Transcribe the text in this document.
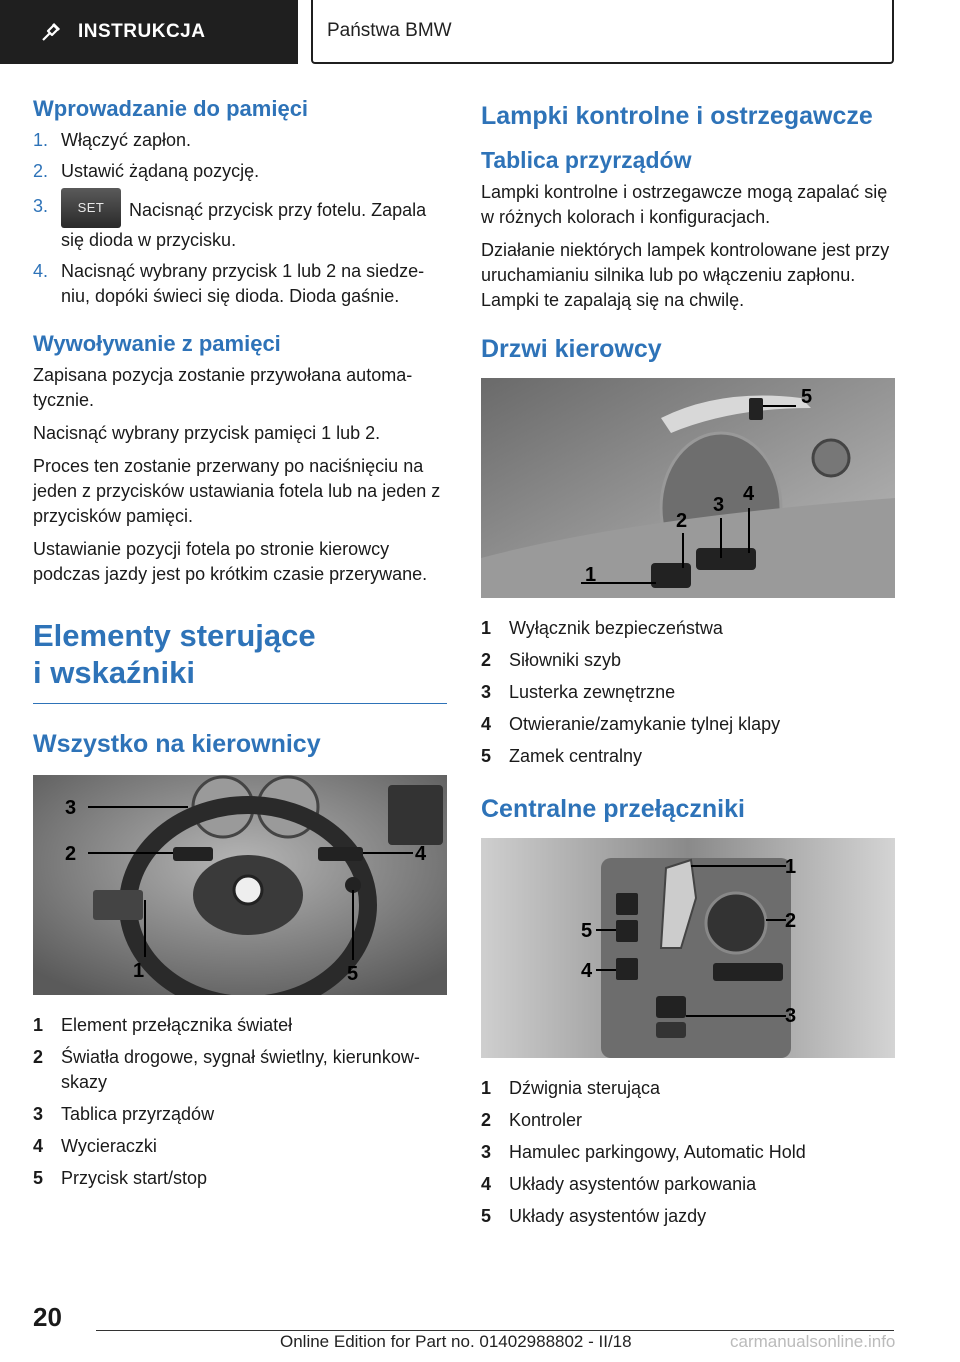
INSTRUKCJA	Państwa BMW
Wprowadzanie do pamięci
1. Włączyć zapłon.
2. Ustawić żądaną pozycję.
3. SET Nacisnąć przycisk przy fotelu. Zapala się dioda w przycisku.
4. Nacisnąć wybrany przycisk 1 lub 2 na siedzeniu, dopóki świeci się dioda. Dioda gaśnie.
Wywoływanie z pamięci

Zapisana pozycja zostanie przywołana automatycznie.

Nacisnąć wybrany przycisk pamięci 1 lub 2.

Proces ten zostanie przerwany po naciśnięciu na jeden z przycisków ustawiania fotela lub na jeden z przycisków pamięci.

Ustawianie pozycji fotela po stronie kierowcy podczas jazdy jest po krótkim czasie przerywane.

Elementy sterujące
i wskaźniki
Wszystko na kierownicy
3
2	4
1	5
1 Element przełącznika świateł
2 Światła drogowe, sygnał świetlny, kierunkowskazy
3 Tablica przyrządów
4 Wycieraczki
5 Przycisk start/stop
Lampki kontrolne i ostrzegawcze
Tablica przyrządów

Lampki kontrolne i ostrzegawcze mogą zapalać się w różnych kolorach i konfiguracjach.

Działanie niektórych lampek kontrolowane jest przy uruchamianiu silnika lub po włączeniu zapłonu. Lampki te zapalają się na chwilę.

Drzwi kierowcy
1
2
3 4
5
1 Wyłącznik bezpieczeństwa
2 Siłowniki szyb
3 Lusterka zewnętrzne
4 Otwieranie/zamykanie tylnej klapy
5 Zamek centralny
Centralne przełączniki
1
2
3
4
5
1 Dźwignia sterująca
2 Kontroler
3 Hamulec parkingowy, Automatic Hold
4 Układy asystentów parkowania
5 Układy asystentów jazdy
20
Online Edition for Part no. 01402988802 - II/18	carmanualsonline.info
